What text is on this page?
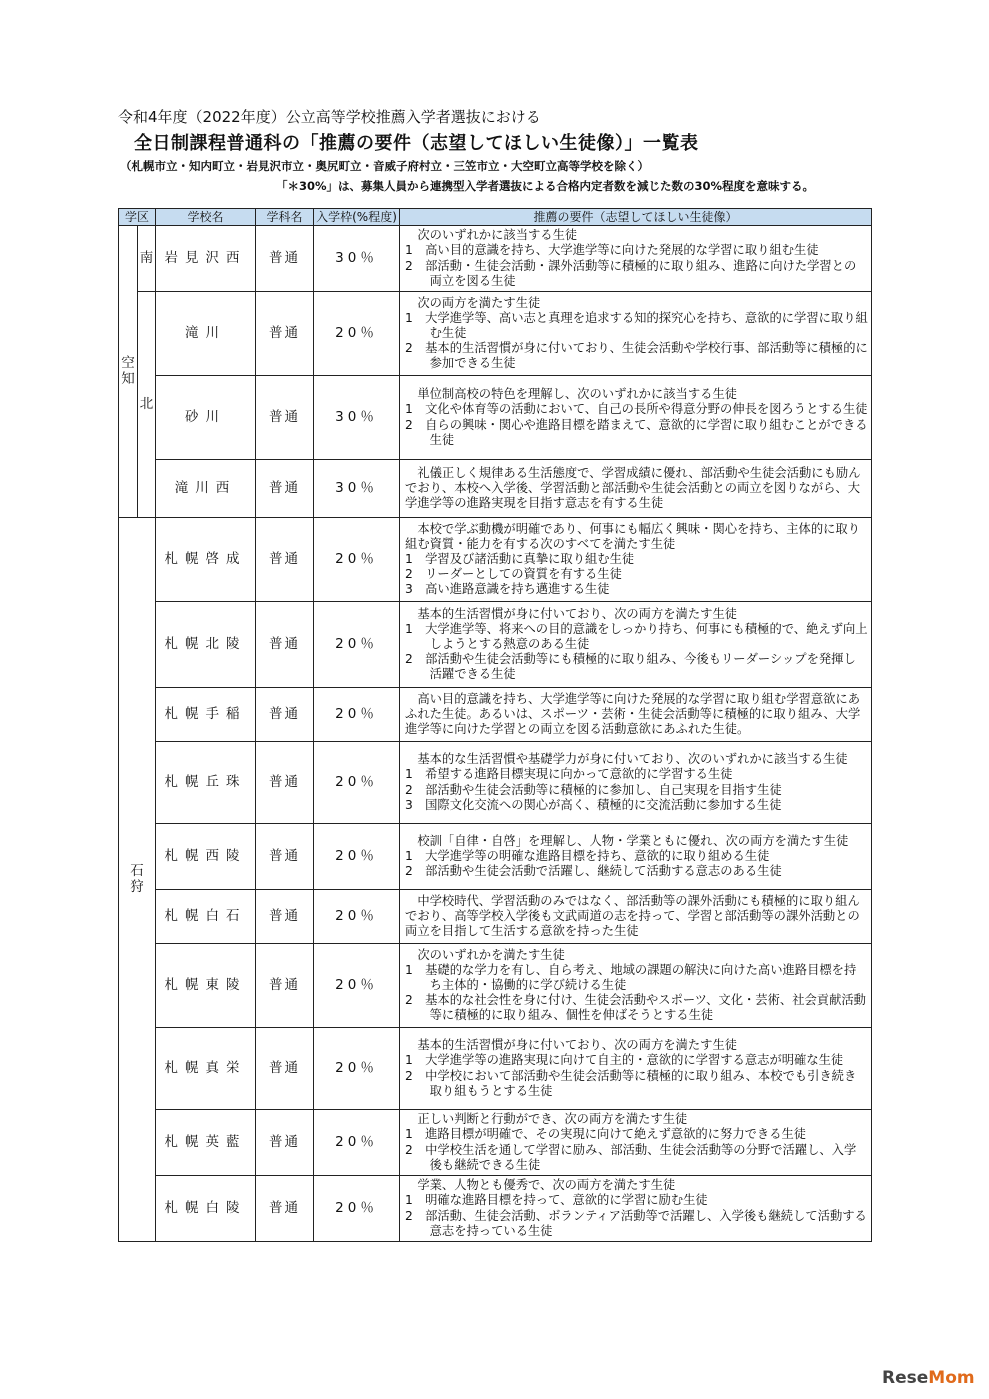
令和4年度（2022年度）公立高等学校推薦入学者選抜における
全日制課程普通科の「推薦の要件（志望してほしい生徒像）」一覧表
（札幌市立・知内町立・岩見沢市立・奥尻町立・音威子府村立・三笠市立・大空町立高等学校を除く）
「＊30%」は、募集人員から連携型入学者選抜による合格内定者数を減じた数の30%程度を意味する。
学区		学校名	学科名	入学枠(%程度)	推薦の要件（志望してほしい生徒像）

空
知	南	岩見沢西	普通	30％	次のいずれかに該当する生徒
1　高い目的意識を持ち、大学進学等に向けた発展的な学習に取り組む生徒
2　部活動・生徒会活動・課外活動等に積極的に取り組み、進路に向けた学習との両立を図る生徒

	北	滝川	普通	20％	次の両方を満たす生徒
1　大学進学等、高い志と真理を追求する知的探究心を持ち、意欲的に学習に取り組む生徒
2　基本的生活習慣が身に付いており、生徒会活動や学校行事、部活動等に積極的に参加できる生徒

		砂川	普通	30％	単位制高校の特色を理解し、次のいずれかに該当する生徒
1　文化や体育等の活動において、自己の長所や得意分野の伸長を図ろうとする生徒
2　自らの興味・関心や進路目標を踏まえて、意欲的に学習に取り組むことができる生徒

		滝川西	普通	30％	礼儀正しく規律ある生活態度で、学習成績に優れ、部活動や生徒会活動にも励んでおり、本校へ入学後、学習活動と部活動や生徒会活動との両立を図りながら、大学進学等の進路実現を目指す意志を有する生徒

石
狩		札幌啓成	普通	20％	本校で学ぶ動機が明確であり、何事にも幅広く興味・関心を持ち、主体的に取り組む資質・能力を有する次のすべてを満たす生徒
1　学習及び諸活動に真摯に取り組む生徒
2　リーダーとしての資質を有する生徒
3　高い進路意識を持ち邁進する生徒

		札幌北陵	普通	20％	基本的生活習慣が身に付いており、次の両方を満たす生徒
1　大学進学等、将来への目的意識をしっかり持ち、何事にも積極的で、絶えず向上しようとする熱意のある生徒
2　部活動や生徒会活動等にも積極的に取り組み、今後もリーダーシップを発揮し活躍できる生徒

		札幌手稲	普通	20％	高い目的意識を持ち、大学進学等に向けた発展的な学習に取り組む学習意欲にあふれた生徒。あるいは、スポーツ・芸術・生徒会活動等に積極的に取り組み、大学進学等に向けた学習との両立を図る活動意欲にあふれた生徒。

		札幌丘珠	普通	20％	基本的な生活習慣や基礎学力が身に付いており、次のいずれかに該当する生徒
1　希望する進路目標実現に向かって意欲的に学習する生徒
2　部活動や生徒会活動等に積極的に参加し、自己実現を目指す生徒
3　国際文化交流への関心が高く、積極的に交流活動に参加する生徒

		札幌西陵	普通	20％	校訓「自律・自啓」を理解し、人物・学業ともに優れ、次の両方を満たす生徒
1　大学進学等の明確な進路目標を持ち、意欲的に取り組める生徒
2　部活動や生徒会活動で活躍し、継続して活動する意志のある生徒

		札幌白石	普通	20％	中学校時代、学習活動のみではなく、部活動等の課外活動にも積極的に取り組んでおり、高等学校入学後も文武両道の志を持って、学習と部活動等の課外活動との両立を目指して生活する意欲を持った生徒

		札幌東陵	普通	20％	次のいずれかを満たす生徒
1　基礎的な学力を有し、自ら考え、地域の課題の解決に向けた高い進路目標を持ち主体的・協働的に学び続ける生徒
2　基本的な社会性を身に付け、生徒会活動やスポーツ、文化・芸術、社会貢献活動等に積極的に取り組み、個性を伸ばそうとする生徒

		札幌真栄	普通	20％	基本的生活習慣が身に付いており、次の両方を満たす生徒
1　大学進学等の進路実現に向けて自主的・意欲的に学習する意志が明確な生徒
2　中学校において部活動や生徒会活動等に積極的に取り組み、本校でも引き続き取り組もうとする生徒

		札幌英藍	普通	20％	正しい判断と行動ができ、次の両方を満たす生徒
1　進路目標が明確で、その実現に向けて絶えず意欲的に努力できる生徒
2　中学校生活を通して学習に励み、部活動、生徒会活動等の分野で活躍し、入学後も継続できる生徒

		札幌白陵	普通	20％	学業、人物とも優秀で、次の両方を満たす生徒
1　明確な進路目標を持って、意欲的に学習に励む生徒
2　部活動、生徒会活動、ボランティア活動等で活躍し、入学後も継続して活動する意志を持っている生徒
ReseMom
